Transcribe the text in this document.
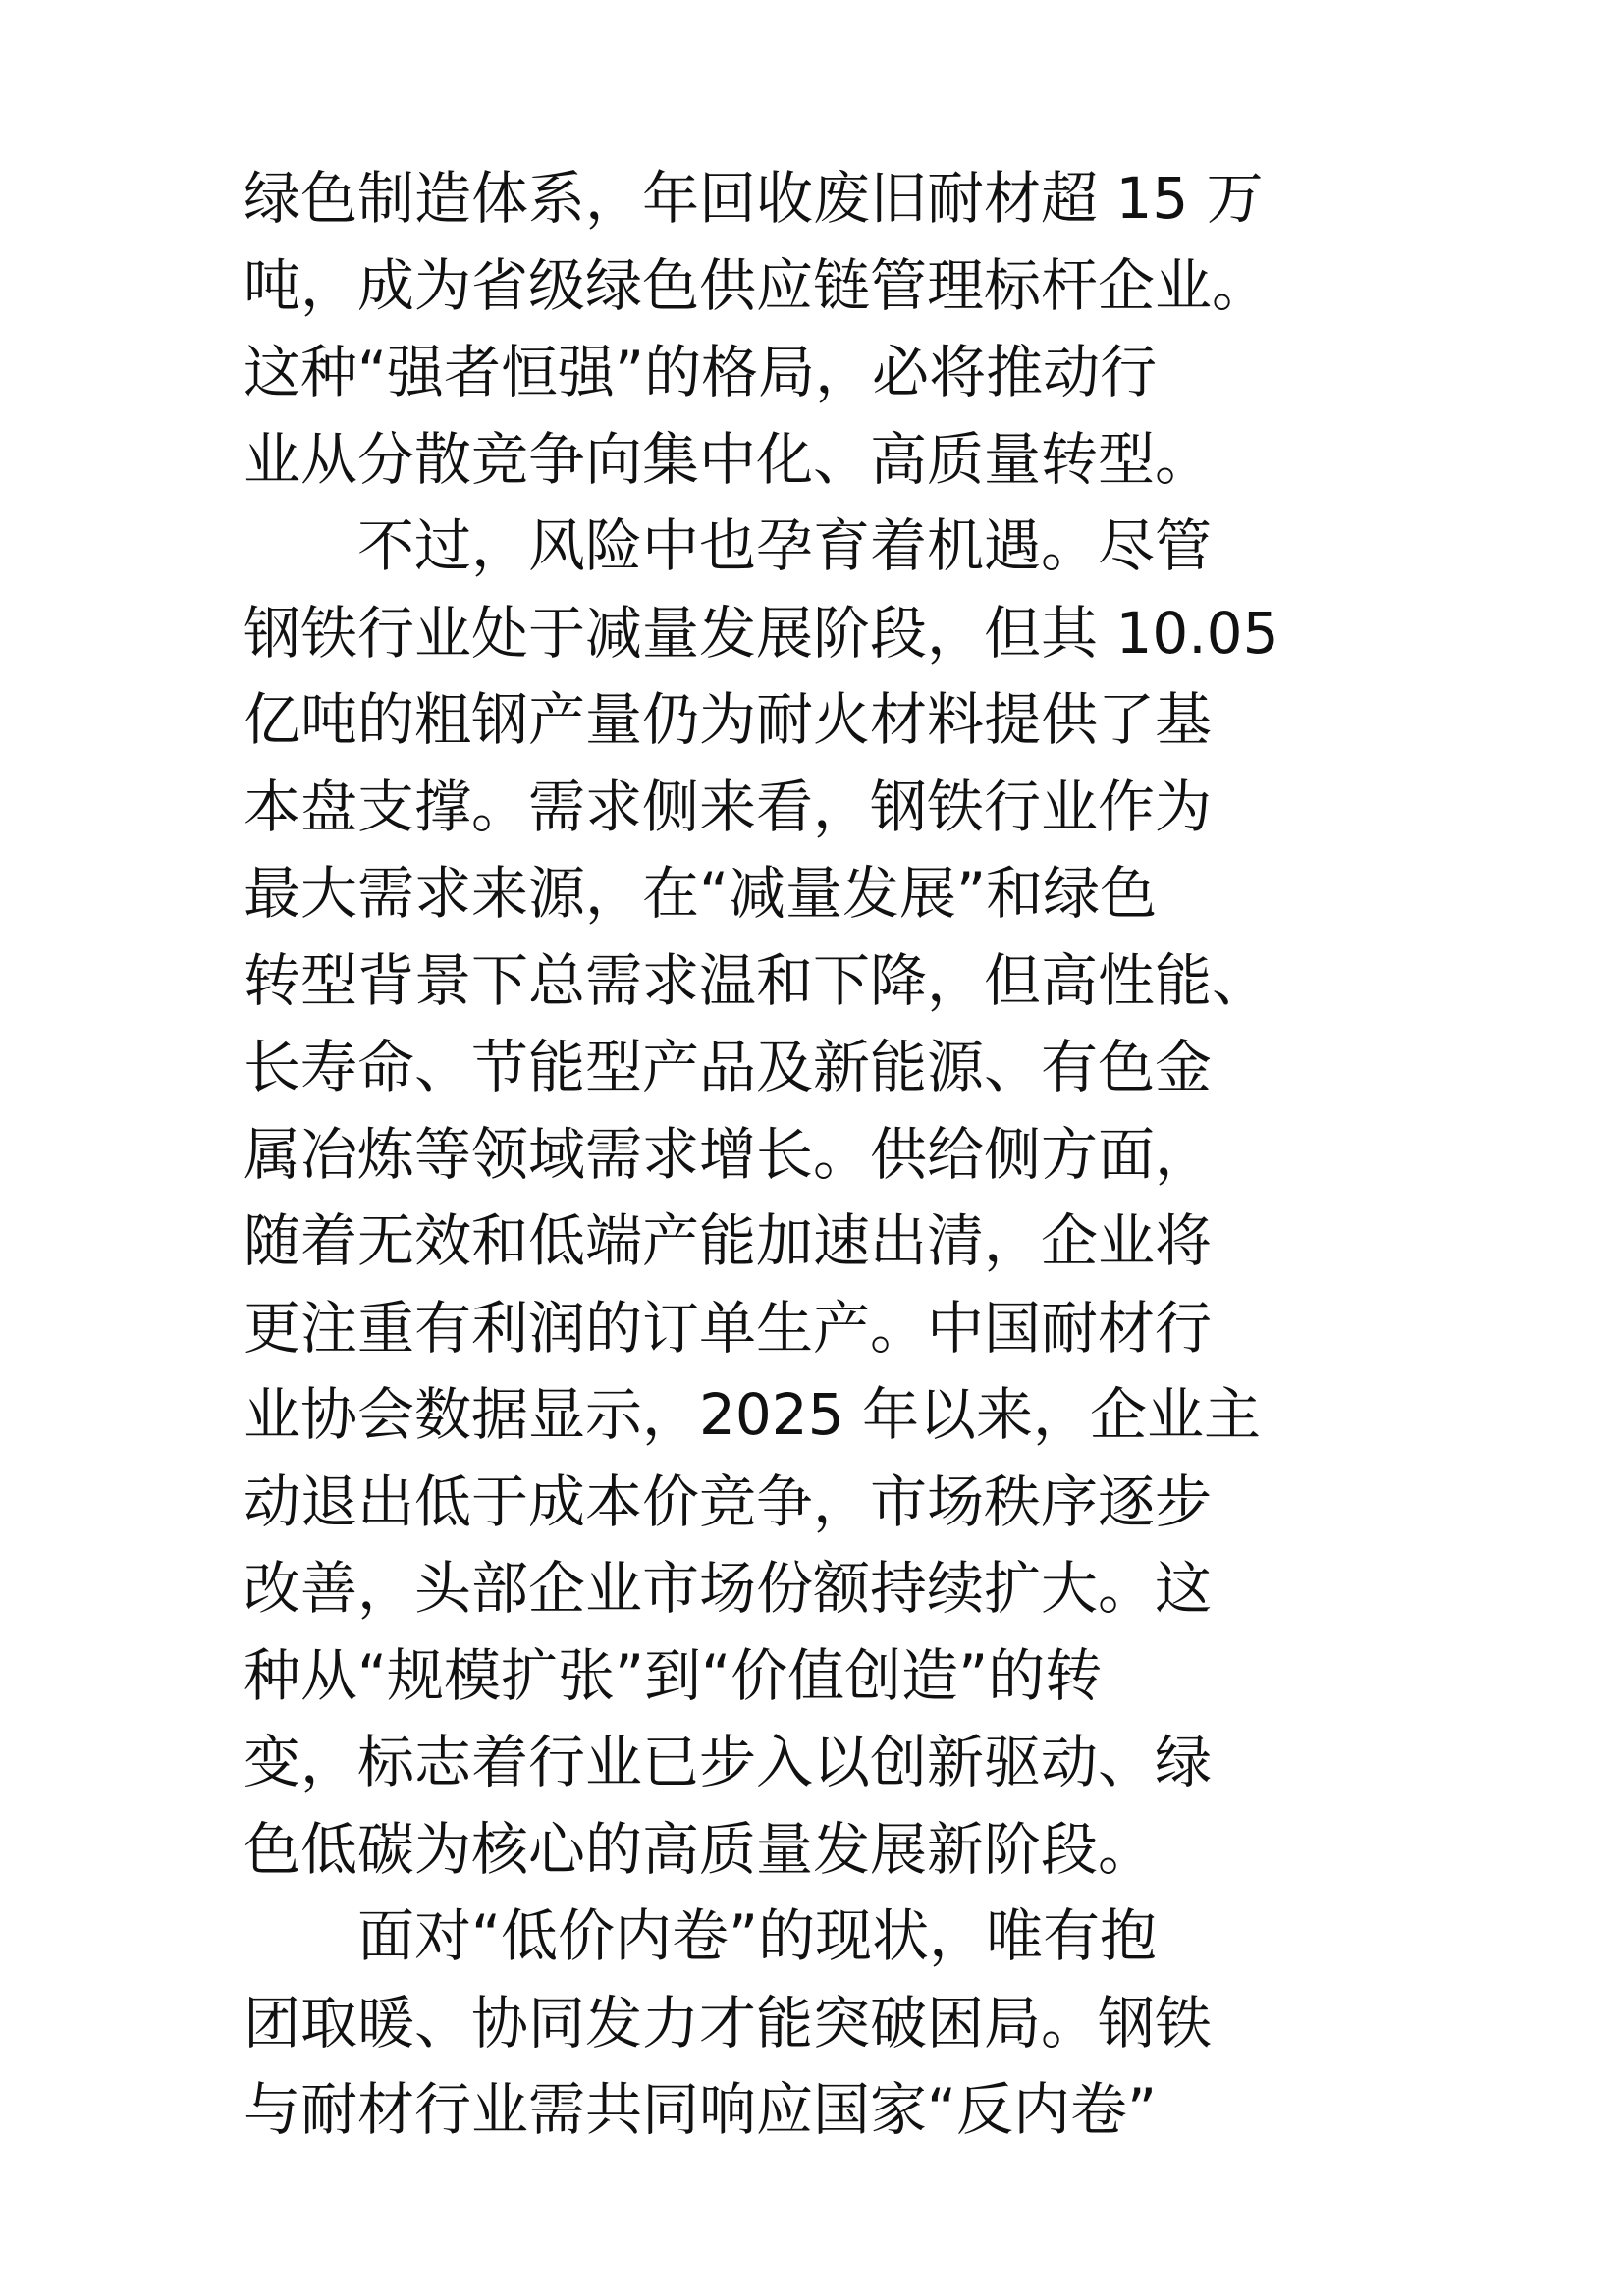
绿色制造体系，年回收废旧耐材超 15 万
吨，成为省级绿色供应链管理标杆企业。
这种“强者恒强”的格局，必将推动行
业从分散竞争向集中化、高质量转型。
　　不过，风险中也孕育着机遇。尽管
钢铁行业处于减量发展阶段，但其 10.05
亿吨的粗钢产量仍为耐火材料提供了基
本盘支撑。需求侧来看，钢铁行业作为
最大需求来源，在“减量发展”和绿色
转型背景下总需求温和下降，但高性能、
长寿命、节能型产品及新能源、有色金
属冶炼等领域需求增长。供给侧方面，
随着无效和低端产能加速出清，企业将
更注重有利润的订单生产。中国耐材行
业协会数据显示，2025 年以来，企业主
动退出低于成本价竞争，市场秩序逐步
改善，头部企业市场份额持续扩大。这
种从“规模扩张”到“价值创造”的转
变，标志着行业已步入以创新驱动、绿
色低碳为核心的高质量发展新阶段。
　　面对“低价内卷”的现状，唯有抱
团取暖、协同发力才能突破困局。钢铁
与耐材行业需共同响应国家“反内卷”
